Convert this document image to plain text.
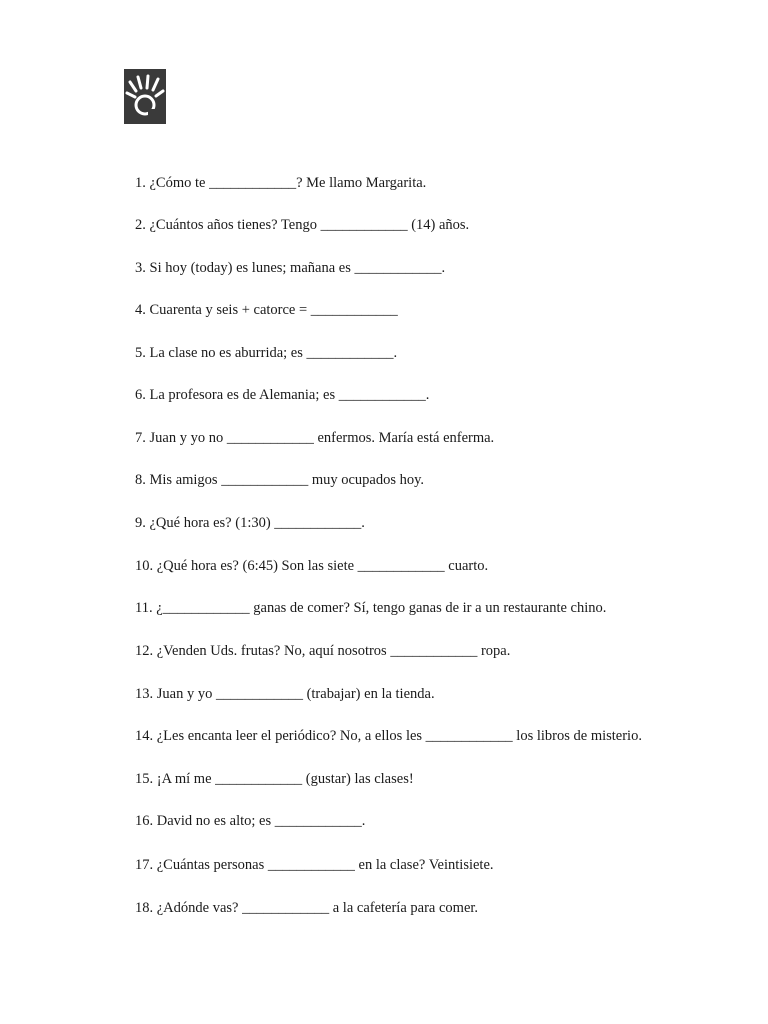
1. ¿Cómo te ____________? Me llamo Margarita.
2. ¿Cuántos años tienes? Tengo ____________ (14) años.
3. Si hoy (today) es lunes; mañana es ____________.
4. Cuarenta y seis + catorce = ____________
5. La clase no es aburrida; es ____________.
6. La profesora es de Alemania; es ____________.
7. Juan y yo no ____________ enfermos. María está enferma.
8. Mis amigos ____________ muy ocupados hoy.
9. ¿Qué hora es? (1:30) ____________.
10. ¿Qué hora es? (6:45) Son las siete ____________ cuarto.
11. ¿____________ ganas de comer? Sí, tengo ganas de ir a un restaurante chino.
12. ¿Venden Uds. frutas? No, aquí nosotros ____________ ropa.
13. Juan y yo ____________ (trabajar) en la tienda.
14. ¿Les encanta leer el periódico? No, a ellos les ____________ los libros de misterio.
15. ¡A mí me ____________ (gustar) las clases!
16. David no es alto; es ____________.
17. ¿Cuántas personas ____________ en la clase? Veintisiete.
18. ¿Adónde vas? ____________ a la cafetería para comer.
